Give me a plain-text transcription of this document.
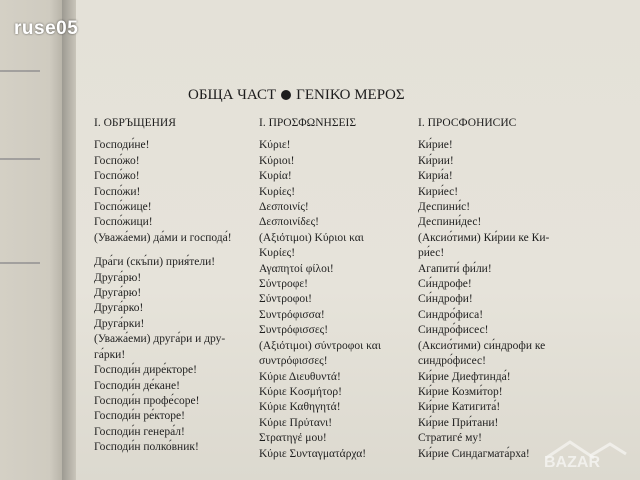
ruse05
ОБЩА ЧАСТ ΓΕΝΙΚΟ ΜΕΡΟΣ
I. ОБРЪЩЕНИЯ
Господи́не!
Госпо́жо!
Госпо́жо!
Госпо́жи!
Госпо́жице!
Госпо́жици!
(Уважа́еми) да́ми и господа́!
Дра́ги (скъ́пи) прия́тели!
Друга́рю!
Друга́рю!
Друга́рко!
Друга́рки!
(Уважа́еми) друга́ри и дру-
га́рки!
Господи́н дире́кторе!
Господи́н де́кане!
Господи́н профе́соре!
Господи́н ре́кторе!
Господи́н генера́л!
Господи́н полко́вник!
I. ΠΡΟΣΦΩΝΗΣΕΙΣ
Κύριε!
Κύριοι!
Κυρία!
Κυρίες!
Δεσποινίς!
Δεσποινίδες!
(Αξιότιμοι) Κύριοι και
Κυρίες!
Αγαπητοί φίλοι!
Σύντροφε!
Σύντροφοι!
Συντρόφισσα!
Συντρόφισσες!
(Αξιότιμοι) σύντροφοι και
συντρόφισσες!
Κύριε Διευθυντά!
Κύριε Κοσμήτορ!
Κύριε Καθηγητά!
Κύριε Πρύτανι!
Στρατηγέ μου!
Κύριε Συνταγματάρχα!
I. ПРОСФОНИСИС
Ки́рие!
Ки́рии!
Кири́а!
Кири́ес!
Деспини́с!
Деспини́дес!
(Аксио́тими) Ки́рии ке Ки-
ри́ес!
Агапити́ фи́ли!
Си́ндрофе!
Си́ндрофи!
Синдро́фиса!
Синдро́фисес!
(Аксио́тими) си́ндрофи ке
синдро́фисес!
Ки́рие Диефтинда́!
Ки́рие Козми́тор!
Ки́рие Катигита́!
Ки́рие При́тани!
Стратигé му!
Ки́рие Синдагмата́рха!
BAZAR
